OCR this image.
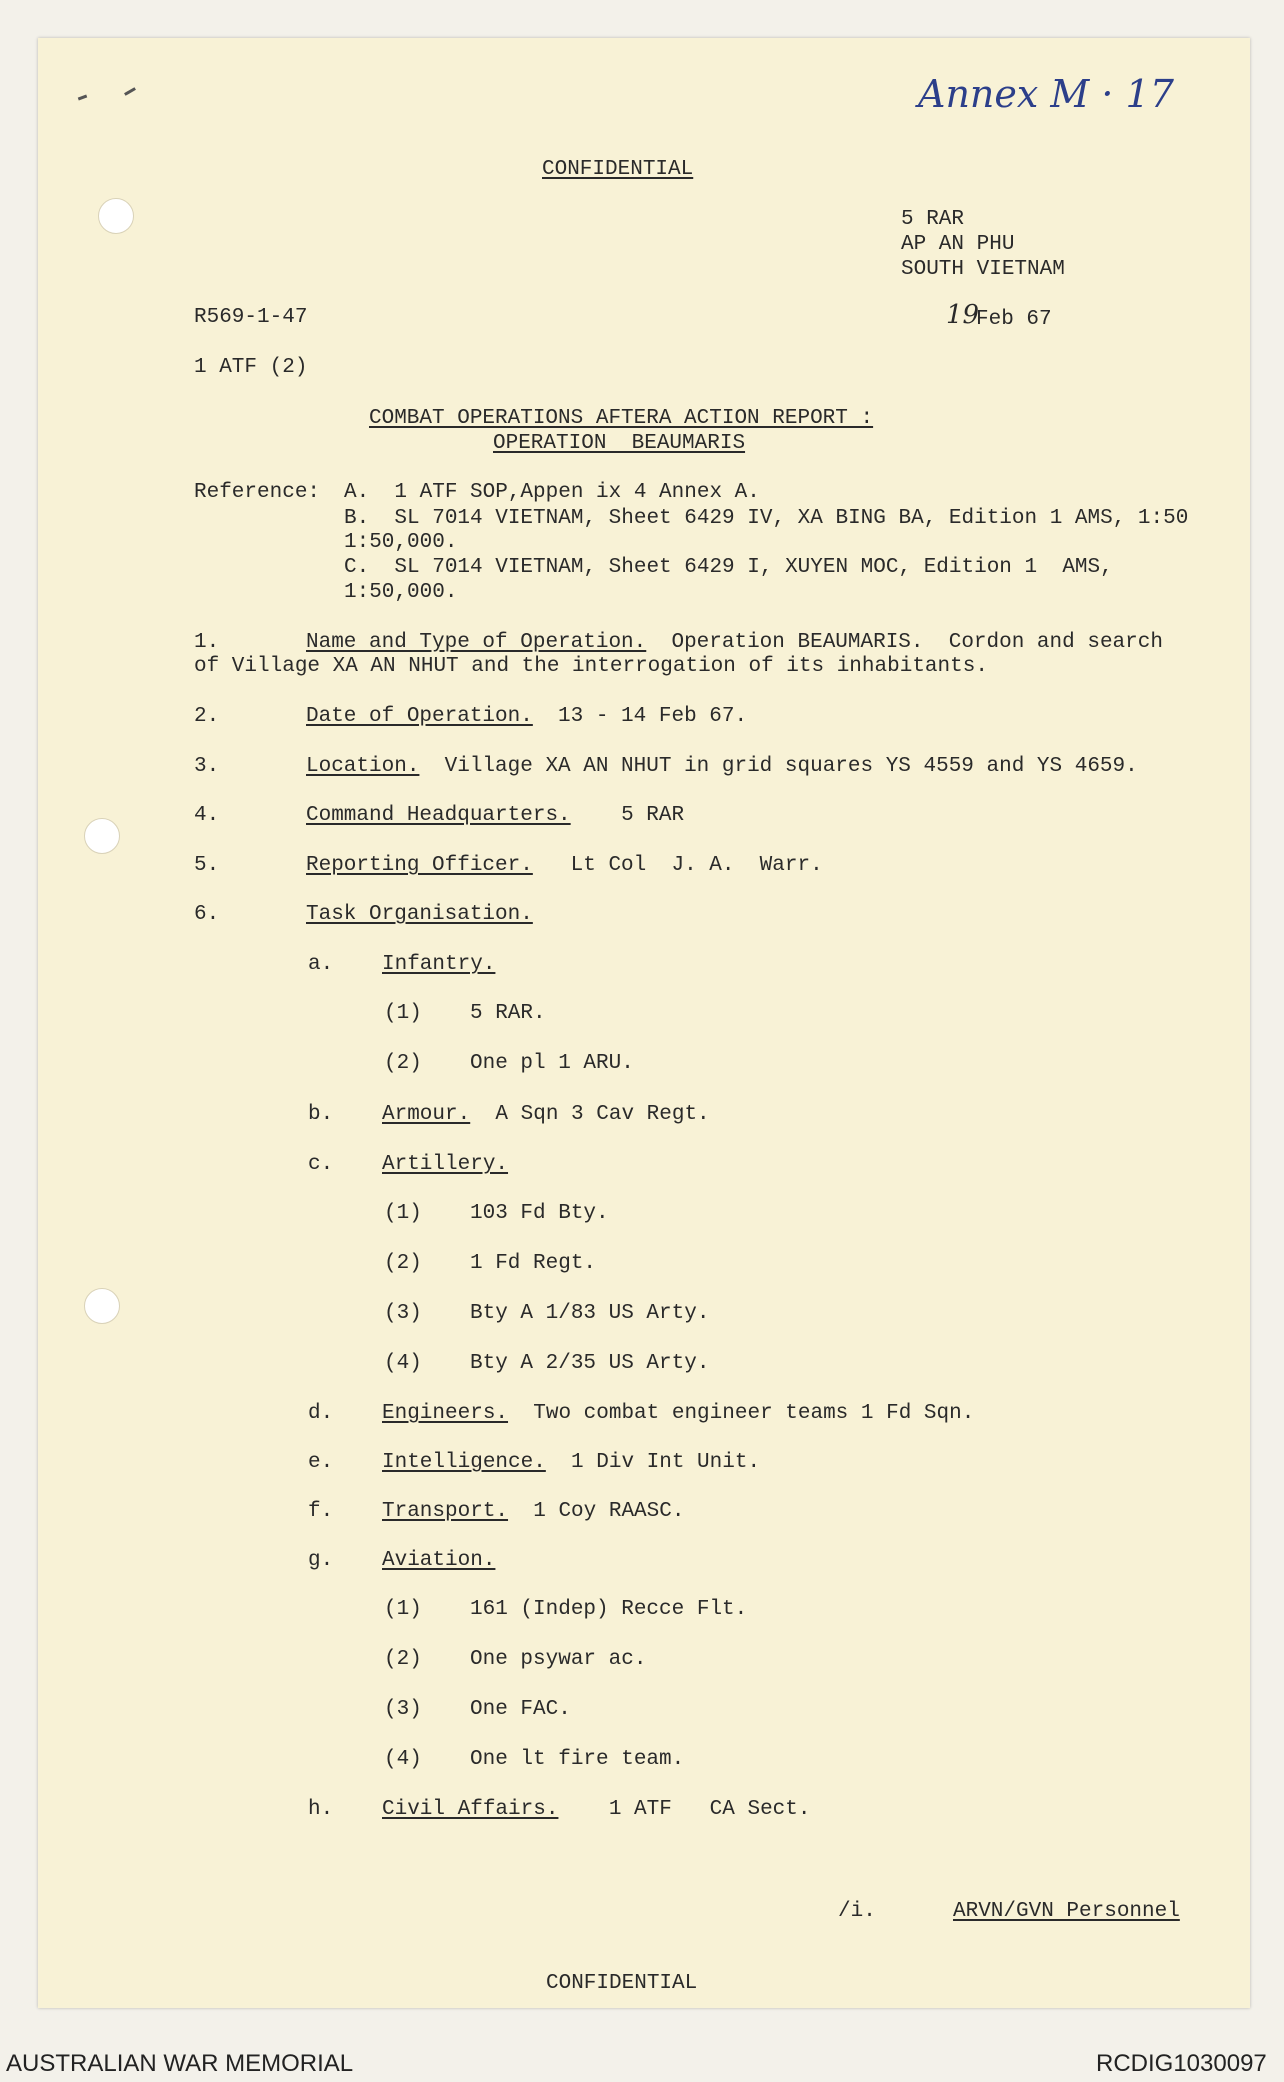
Annex M · 17
CONFIDENTIAL
5 RAR
AP AN PHU
SOUTH VIETNAM
R569-1-47	19
Feb 67
1 ATF (2)
COMBAT OPERATIONS AFTERA ACTION REPORT :
OPERATION  BEAUMARIS
Reference: A.  1 ATF SOP,Appen ix 4 Annex A.
B.  SL 7014 VIETNAM, Sheet 6429 IV, XA BING BA, Edition 1 AMS, 1:50
1:50,000.
C.  SL 7014 VIETNAM, Sheet 6429 I, XUYEN MOC, Edition 1  AMS,
1:50,000.
1.	Name and Type of Operation.  Operation BEAUMARIS.  Cordon and search
of Village XA AN NHUT and the interrogation of its inhabitants.
2.	Date of Operation.  13 - 14 Feb 67.
3.	Location.  Village XA AN NHUT in grid squares YS 4559 and YS 4659.
4.	Command Headquarters.    5 RAR
5.	Reporting Officer.   Lt Col  J. A.  Warr.
6.	Task Organisation.
a. Infantry.
(1) 5 RAR.
(2) One pl 1 ARU.
b. Armour.  A Sqn 3 Cav Regt.
c. Artillery.
(1) 103 Fd Bty.
(2) 1 Fd Regt.
(3) Bty A 1/83 US Arty.
(4) Bty A 2/35 US Arty.
d. Engineers.  Two combat engineer teams 1 Fd Sqn.
e. Intelligence.  1 Div Int Unit.
f. Transport.  1 Coy RAASC.
g. Aviation.
(1) 161 (Indep) Recce Flt.
(2) One psywar ac.
(3) One FAC.
(4) One lt fire team.
h. Civil Affairs.    1 ATF   CA Sect.
/i.	ARVN/GVN Personnel
CONFIDENTIAL
AUSTRALIAN WAR MEMORIAL	RCDIG1030097
